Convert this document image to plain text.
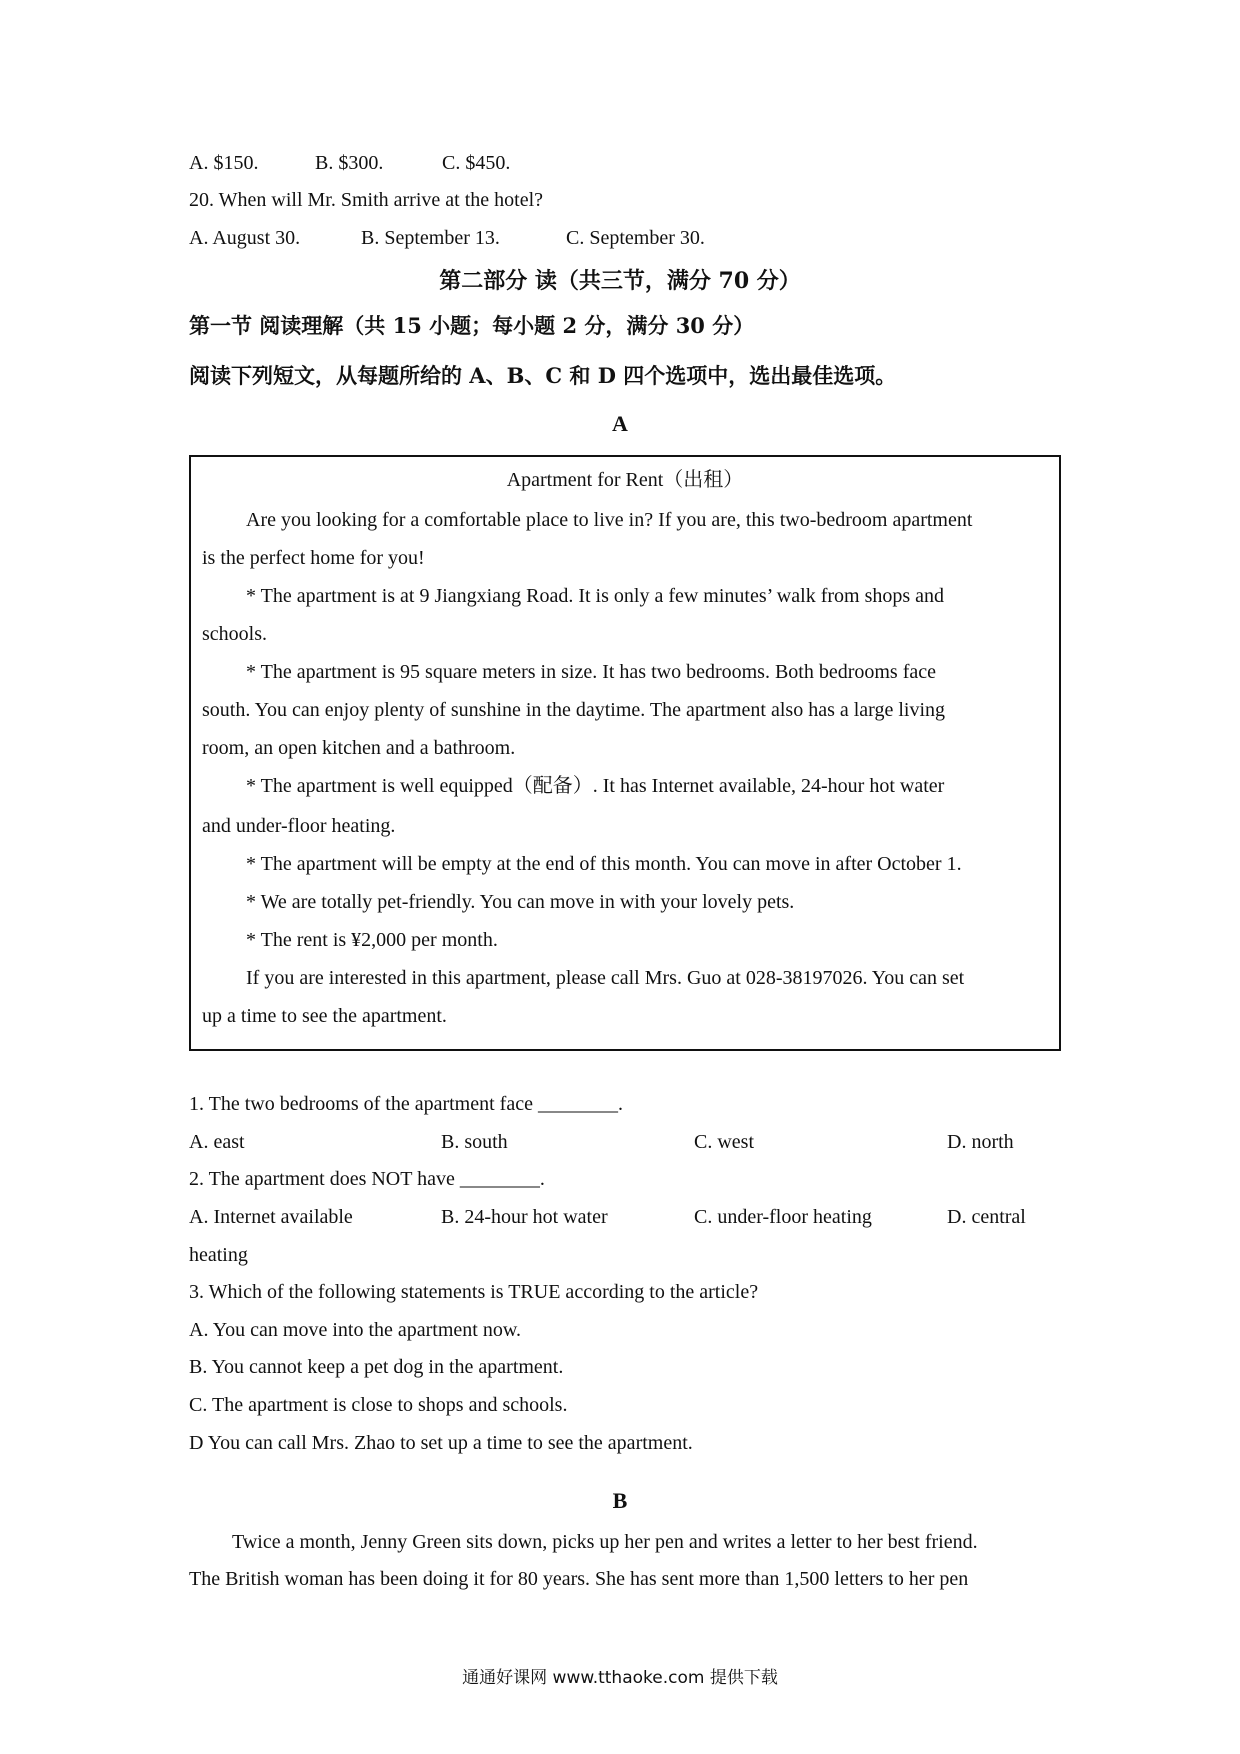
A. $150.	B. $300.	C. $450.
20. When will Mr. Smith arrive at the hotel?
A. August 30.	B. September 13.	C. September 30.
第二部分 读（共三节，满分 70 分）
第一节 阅读理解（共 15 小题；每小题 2 分，满分 30 分）
阅读下列短文，从每题所给的 A、B、C 和 D 四个选项中，选出最佳选项。
A
Apartment for Rent（出租）
Are you looking for a comfortable place to live in? If you are, this two-bedroom apartment
is the perfect home for you!
* The apartment is at 9 Jiangxiang Road. It is only a few minutes’ walk from shops and
schools.
* The apartment is 95 square meters in size. It has two bedrooms. Both bedrooms face
south. You can enjoy plenty of sunshine in the daytime. The apartment also has a large living
room, an open kitchen and a bathroom.
* The apartment is well equipped（配备）. It has Internet available, 24-hour hot water
and under-floor heating.
* The apartment will be empty at the end of this month. You can move in after October 1.
* We are totally pet-friendly. You can move in with your lovely pets.
* The rent is ¥2,000 per month.
If you are interested in this apartment, please call Mrs. Guo at 028-38197026. You can set
up a time to see the apartment.
1. The two bedrooms of the apartment face ________.
A. east	B. south	C. west	D. north
2. The apartment does NOT have ________.
A. Internet available	B. 24-hour hot water	C. under-floor heating	D. central
heating
3. Which of the following statements is TRUE according to the article?
A. You can move into the apartment now.
B. You cannot keep a pet dog in the apartment.
C. The apartment is close to shops and schools.
D You can call Mrs. Zhao to set up a time to see the apartment.
B
Twice a month, Jenny Green sits down, picks up her pen and writes a letter to her best friend.
The British woman has been doing it for 80 years. She has sent more than 1,500 letters to her pen
通通好课网 www.tthaoke.com 提供下载
